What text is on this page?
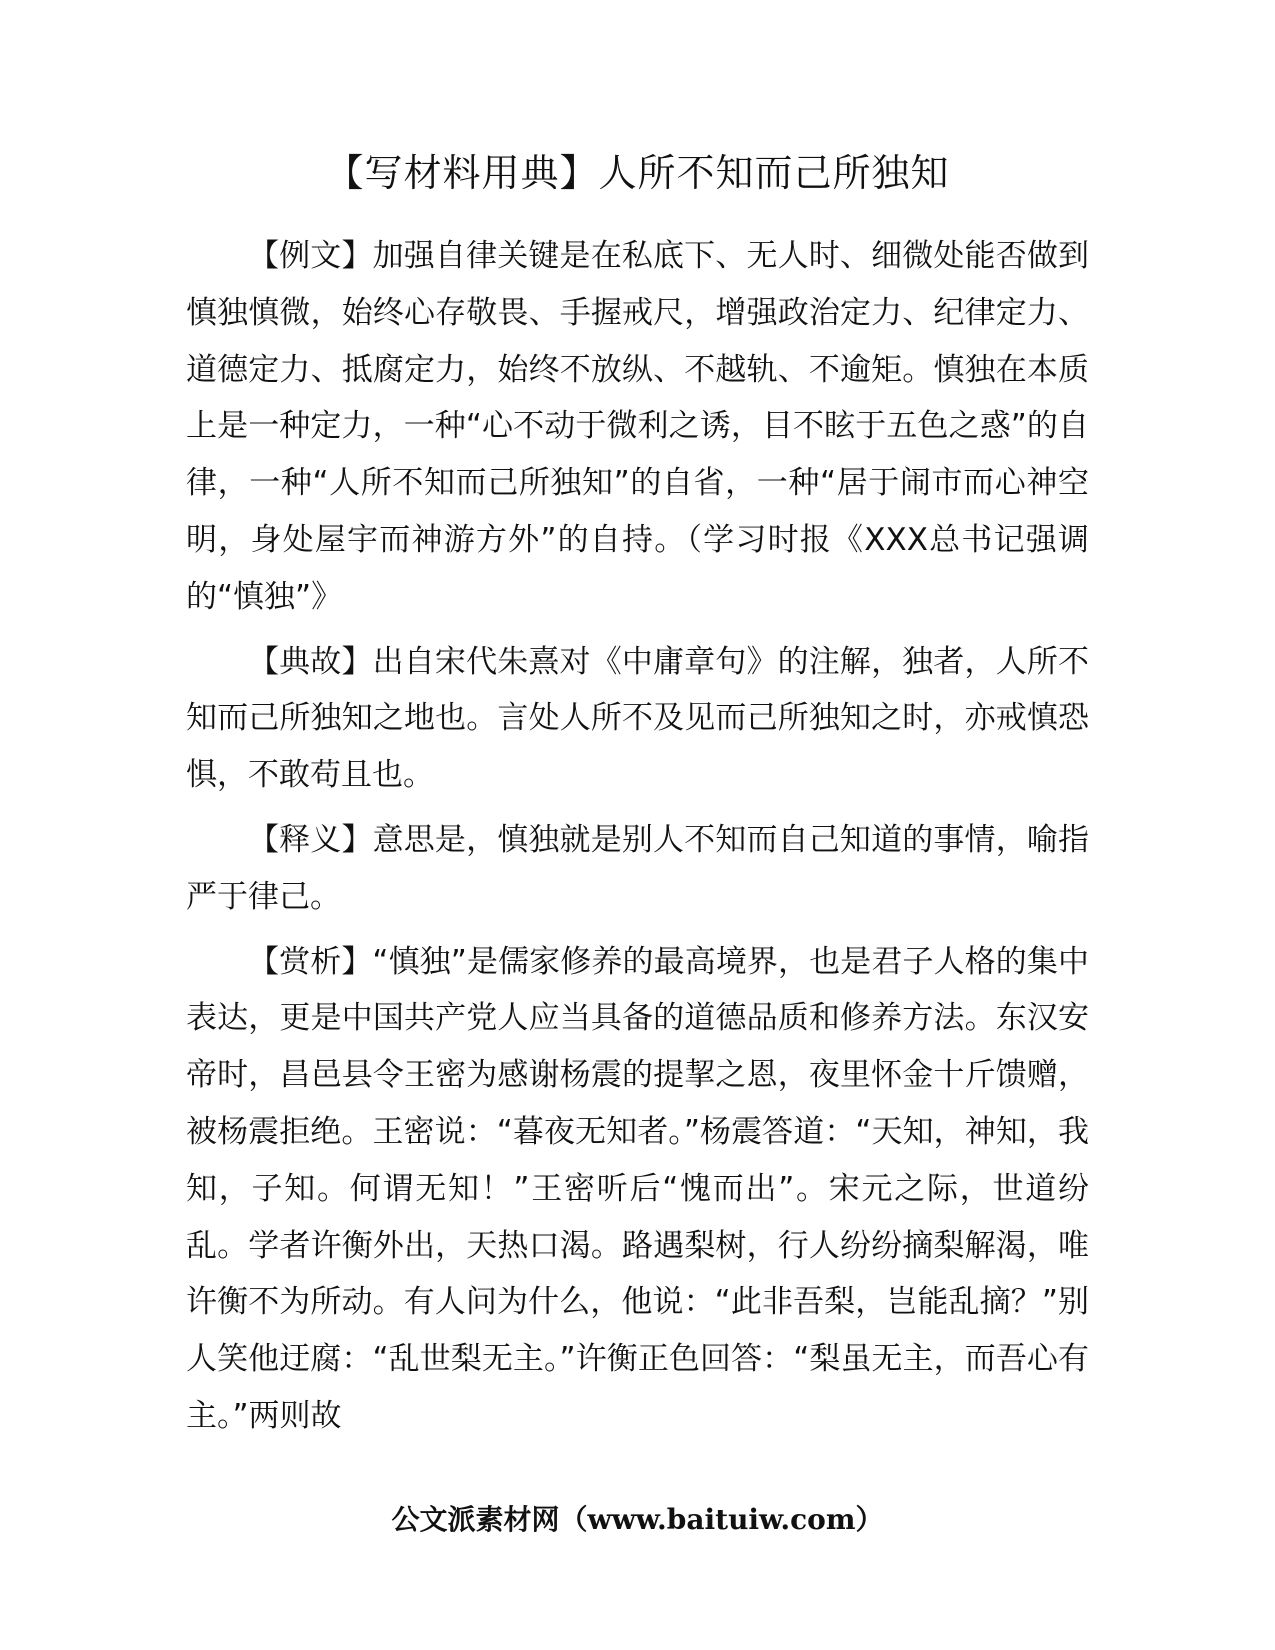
【写材料用典】人所不知而己所独知

【例文】加强自律关键是在私底下、无人时、细微处能否做到慎独慎微，始终心存敬畏、手握戒尺，增强政治定力、纪律定力、道德定力、抵腐定力，始终不放纵、不越轨、不逾矩。慎独在本质上是一种定力，一种“心不动于微利之诱，目不眩于五色之惑”的自律，一种“人所不知而己所独知”的自省，一种“居于闹市而心神空明，身处屋宇而神游方外”的自持。（学习时报《XXX总书记强调的“慎独”》

【典故】出自宋代朱熹对《中庸章句》的注解，独者，人所不知而己所独知之地也。言处人所不及见而己所独知之时，亦戒慎恐惧，不敢苟且也。

【释义】意思是，慎独就是别人不知而自己知道的事情，喻指严于律己。

【赏析】“慎独”是儒家修养的最高境界，也是君子人格的集中表达，更是中国共产党人应当具备的道德品质和修养方法。东汉安帝时，昌邑县令王密为感谢杨震的提挈之恩，夜里怀金十斤馈赠，被杨震拒绝。王密说：“暮夜无知者。”杨震答道：“天知，神知，我知，子知。何谓无知！”王密听后“愧而出”。宋元之际，世道纷乱。学者许衡外出，天热口渴。路遇梨树，行人纷纷摘梨解渴，唯许衡不为所动。有人问为什么，他说：“此非吾梨，岂能乱摘？”别人笑他迂腐：“乱世梨无主。”许衡正色回答：“梨虽无主，而吾心有主。”两则故

公文派素材网（www.baituiw.com）
